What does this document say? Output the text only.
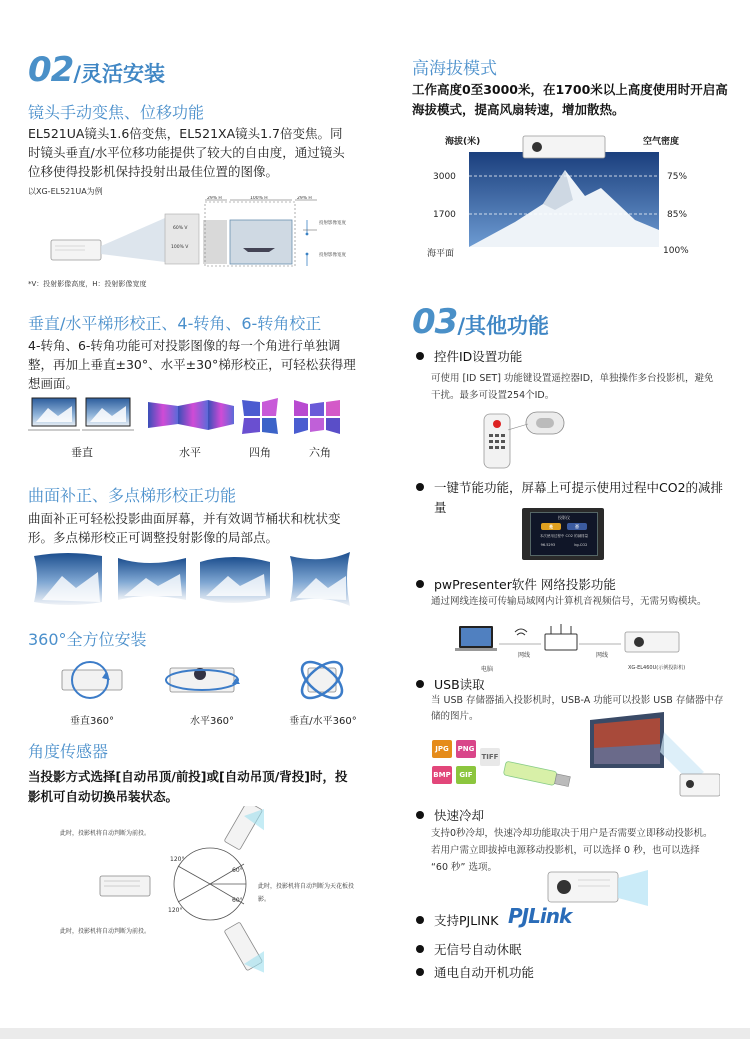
02 /灵活安装
镜头手动变焦、位移功能
EL521UA镜头1.6倍变焦，EL521XA镜头1.7倍变焦。同时镜头垂直/水平位移功能提供了较大的自由度，通过镜头位移使得投影机保持投射出最佳位置的图像。
以XG-EL521UA为例
29% H	100% H	29% H
60% V
100% V
投射影像宽度
投射影像宽度
*V：投射影像高度，H：投射影像宽度
垂直/水平梯形校正、4-转角、6-转角校正
4-转角、6-转角功能可对投影图像的每一个角进行单独调整，再加上垂直±30°、水平±30°梯形校正，可轻松获得理想画面。
垂直	水平	四角	六角
曲面补正、多点梯形校正功能
曲面补正可轻松投影曲面屏幕，并有效调节桶状和枕状变形。多点梯形校正可调整投射影像的局部点。
360°全方位安装
垂直360°	水平360°	垂直/水平360°
角度传感器
当投影方式选择[自动吊顶/前投]或[自动吊顶/背投]时，投影机可自动切换吊装状态。
此时，投影机将自动判断为前投。
此时，投影机将自动判断为天花板投影。
此时，投影机将自动判断为前投。
120°
60°
60°
120°
高海拔模式
工作高度0至3000米，在1700米以上高度使用时开启高海拔模式，提高风扇转速，增加散热。
海拔(米)	空气密度
3000
1700
海平面
75%
85%
100%
03 /其他功能
控件ID设置功能
可使用 [ID SET] 功能键设置遥控器ID，单独操作多台投影机，避免干扰。最多可设置254个ID。
一键节能功能，屏幕上可提示使用过程中CO2的减排量
投影仪
是	否
本次使用过程中 CO2 的减排量
96.5293	kg-CO2
pwPresenter软件 网络投影功能
通过网线连接可传输局域网内计算机音视频信号，无需另购模块。
电脑
网线	网线
XG-EL460U(示例投影机)
USB读取
当 USB 存储器插入投影机时，USB-A 功能可以投影 USB 存储器中存储的图片。
JPG	PNG
TIFF
BMP	GIF
快速冷却
支持0秒冷却，快速冷却功能取决于用户是否需要立即移动投影机。若用户需立即拔掉电源移动投影机，可以选择 0 秒，也可以选择 “60 秒” 选项。
支持PJLINK PJLink
无信号自动休眠
通电自动开机功能
